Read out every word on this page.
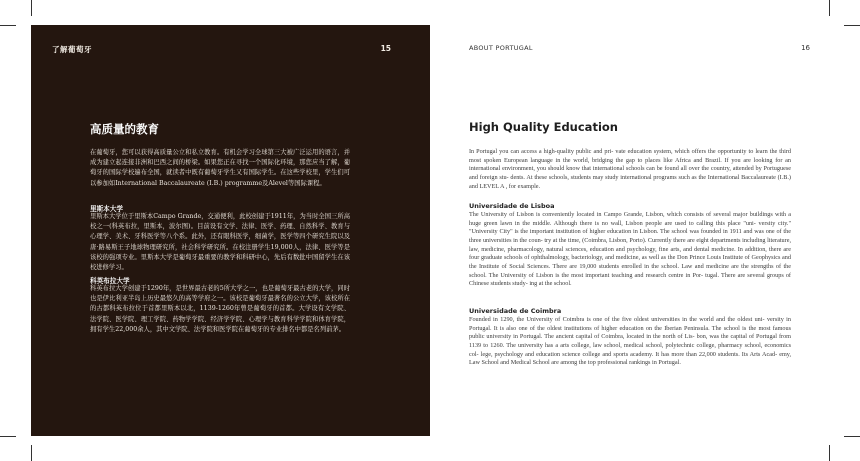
了解葡萄牙	15
高质量的教育
在葡萄牙，您可以获得高质量公立和私立教育。有机会学习全球第三大被广泛运用的语言，并成为建立起连接非洲和巴西之间的桥梁。如果您正在寻找一个国际化环境，那您应当了解，葡萄牙的国际学校遍布全国，就读者中既有葡萄牙学生又有国际学生。在这些学校里，学生们可以参加如International Baccalaureate (I.B.) programme及Alevel等国际课程。
里斯本大学
里斯本大学位于里斯本Campo Grande，交通便利，此校创建于1911年，为当时全国三所高校之一(科英布拉，里斯本，波尔图)。目前设有文学、法律、医学、药理、自然科学、教育与心理学、美术、牙科医学等八个系。此外，还有眼科医学，细菌学，医学等四个研究生院以及唐·路易斯王子地球物理研究所，社会科学研究所。在校注册学生19,000人，法律、医学等是该校的强项专业。里斯本大学是葡萄牙最重要的教学和科研中心，先后有数批中国留学生在该校进修学习。
科英布拉大学
科英布拉大学创建于1290年，是世界最古老的5所大学之一，也是葡萄牙最古老的大学，同时也是伊比利亚半岛上历史最悠久的高等学府之一。该校是葡萄牙最著名的公立大学，该校所在的古都科英布拉位于首都里斯本以北，1139-1260年曾是葡萄牙的首都。大学设有文学院、法学院、医学院、理工学院、药物学学院、经济学学院、心理学与教育科学学院和体育学院，拥有学生22,000余人，其中文学院、法学院和医学院在葡萄牙的专业排名中都是名列前茅。
ABOUT PORTUGAL	16
High Quality Education
In Portugal you can access a high-quality public and pri- vate education system, which offers the opportunity to learn the third most spoken European language in the world, bridging the gap to places like Africa and Brazil. If you are looking for an international environment, you should know that international schools can be found all over the country, attended by Portuguese and foreign stu- dents. At these schools, students may study international programs such as the International Baccalaureate (I.B.) and LEVEL A , for example.
Universidade de Lisboa
The University of Lisbon is conveniently located in Campo Grande, Lisbon, which consists of several major buildings with a huge green lawn in the middle. Although there is no wall, Lisbon people are used to calling this place "uni- versity city." "University City" is the important institution of higher education in Lisbon. The school was founded in 1911 and was one of the three universities in the coun- try at the time, (Coimbra, Lisbon, Porto). Currently there are eight departments including literature, law, medicine, pharmacology, natural sciences, education and psychology, fine arts, and dental medicine. In addition, there are four graduate schools of ophthalmology, bacteriology, and medicine, as well as the Don Prince Louis Institute of Geophysics and the Institute of Social Sciences. There are 19,000 students enrolled in the school. Law and medicine are the strengths of the school. The University of Lisbon is the most important teaching and research centre in Por- tugal. There are several groups of Chinese students study- ing at the school.
Universidade de Coimbra
Founded in 1290, the University of Coimbra is one of the five oldest universities in the world and the oldest uni- versity in Portugal. It is also one of the oldest institutions of higher education on the Iberian Peninsula. The school is the most famous public university in Portugal. The ancient capital of Coimbra, located in the north of Lis- bon, was the capital of Portugal from 1139 to 1260. The university has a arts college, law school, medical school, polytechnic college, pharmacy school, economics col- lege, psychology and education science college and sports academy. It has more than 22,000 students. Its Arts Acad- emy, Law School and Medical School are among the top professional rankings in Portugal.
